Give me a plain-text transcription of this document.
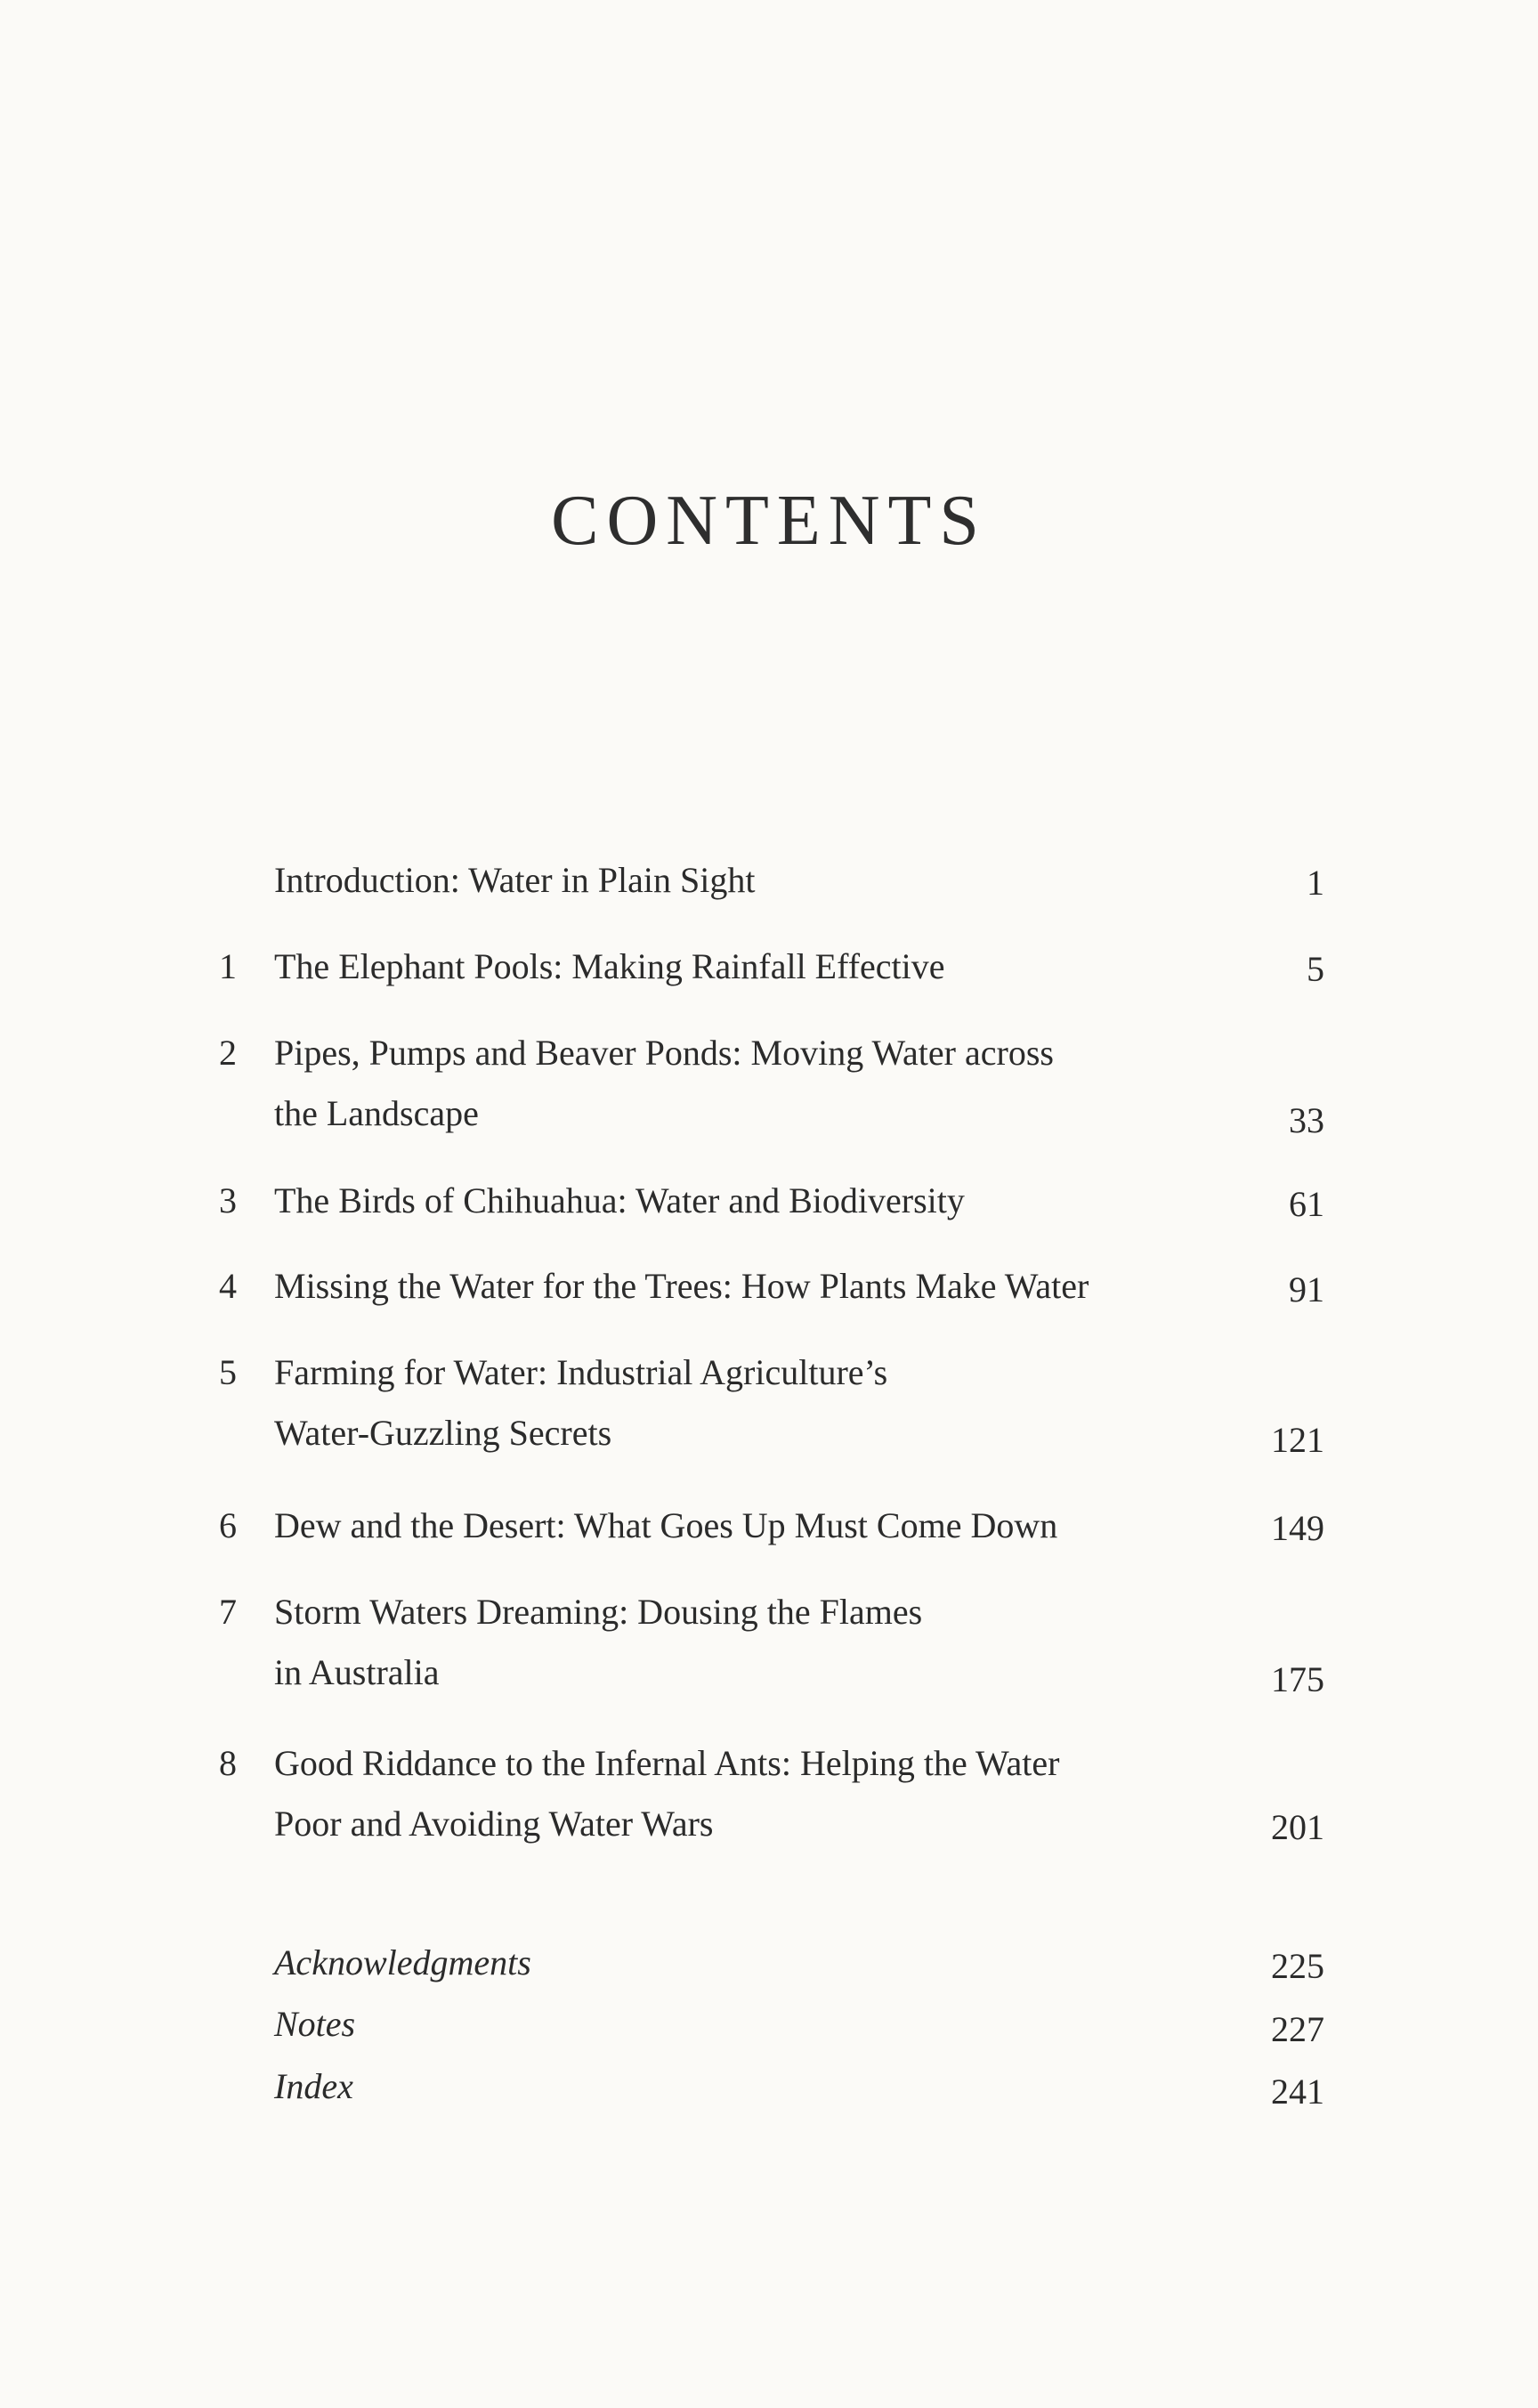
CONTENTS
Introduction: Water in Plain Sight	1
1	The Elephant Pools: Making Rainfall Effective	5
2	Pipes, Pumps and Beaver Ponds: Moving Water across
the Landscape	33
3	The Birds of Chihuahua: Water and Biodiversity	61
4	Missing the Water for the Trees: How Plants Make Water	91
5	Farming for Water: Industrial Agriculture’s
Water-Guzzling Secrets	121
6	Dew and the Desert: What Goes Up Must Come Down	149
7	Storm Waters Dreaming: Dousing the Flames
in Australia	175
8	Good Riddance to the Infernal Ants: Helping the Water
Poor and Avoiding Water Wars	201
Acknowledgments	225
Notes	227
Index	241
